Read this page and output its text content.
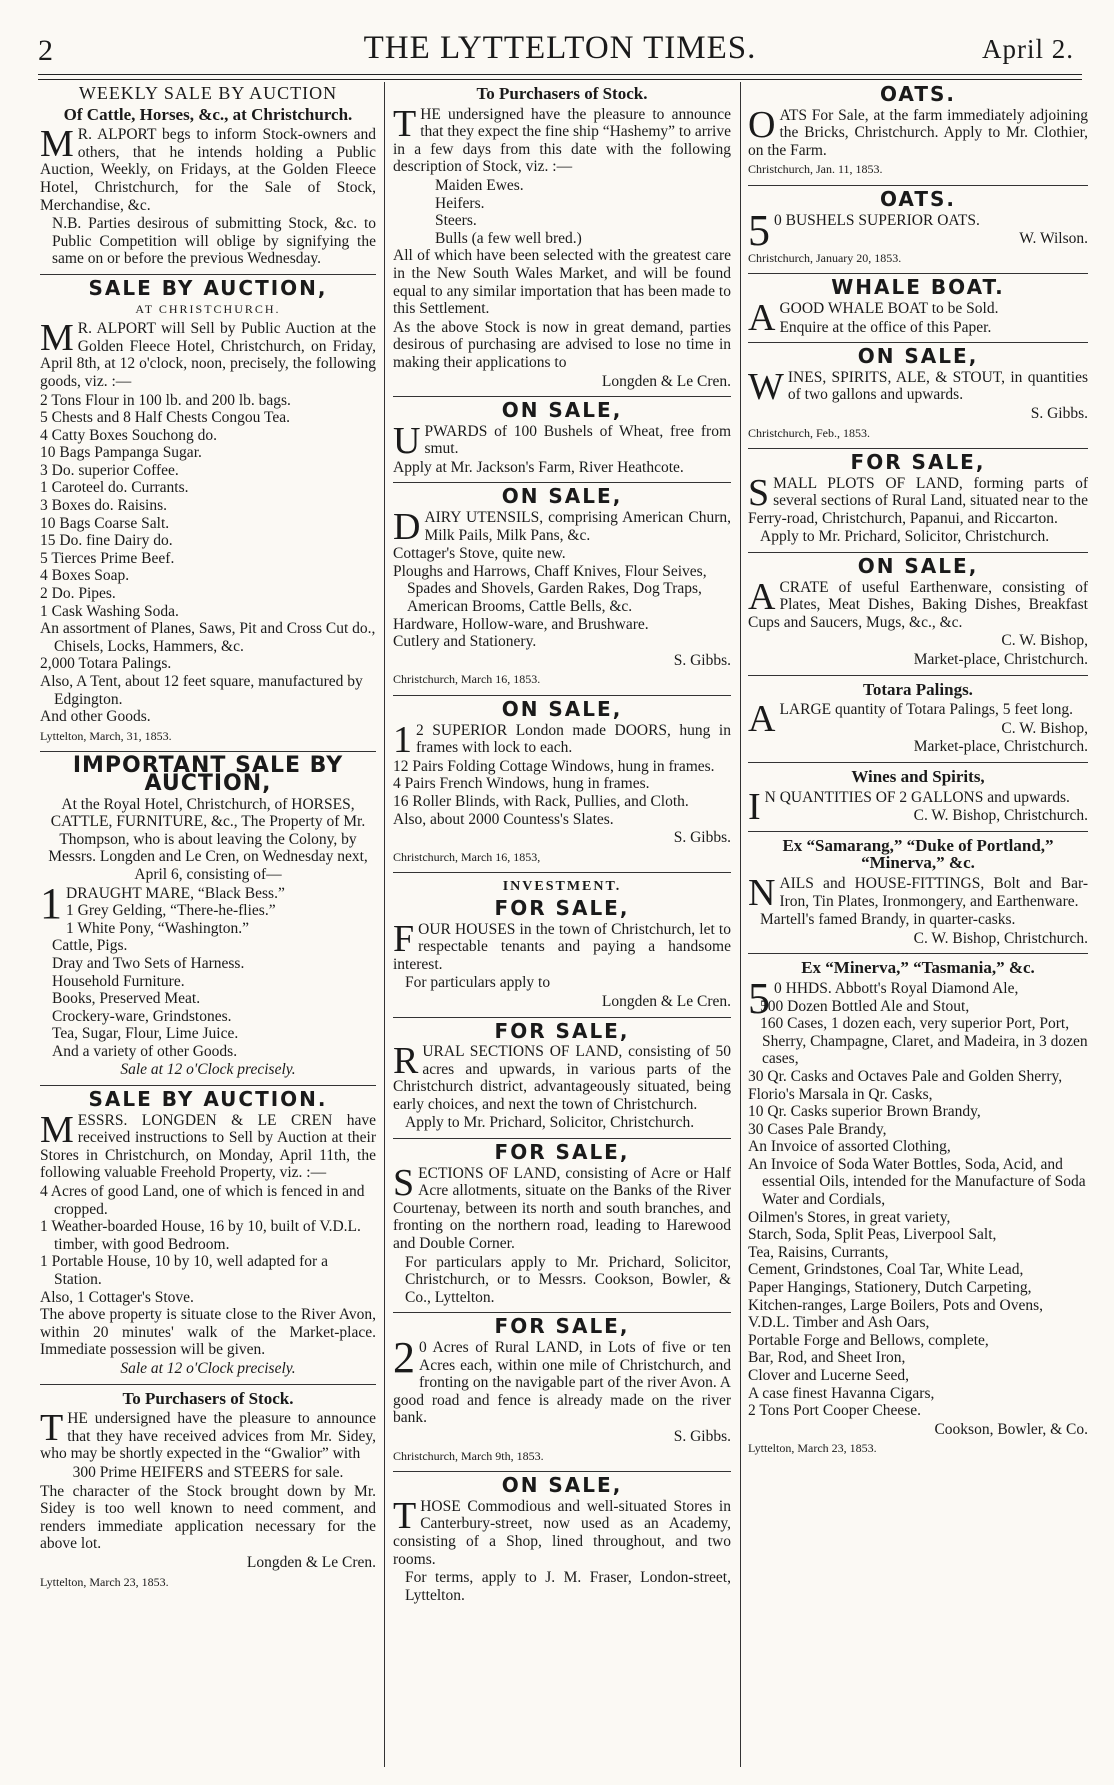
2	THE LYTTELTON TIMES.	April 2.
WEEKLY SALE BY AUCTION
Of Cattle, Horses, &c., at Christchurch.

MR. ALPORT begs to inform Stock-owners and others, that he intends holding a Public Auction, Weekly, on Fridays, at the Golden Fleece Hotel, Christchurch, for the Sale of Stock, Merchandise, &c.

N.B. Parties desirous of submitting Stock, &c. to Public Competition will oblige by signifying the same on or before the previous Wednesday.

SALE BY AUCTION,
AT CHRISTCHURCH.

MR. ALPORT will Sell by Public Auction at the Golden Fleece Hotel, Christchurch, on Friday, April 8th, at 12 o'clock, noon, precisely, the following goods, viz. :—

2 Tons Flour in 100 lb. and 200 lb. bags.
5 Chests and 8 Half Chests Congou Tea.
4 Catty Boxes Souchong do.
10 Bags Pampanga Sugar.
3 Do. superior Coffee.
1 Caroteel do. Currants.
3 Boxes do. Raisins.
10 Bags Coarse Salt.
15 Do. fine Dairy do.
5 Tierces Prime Beef.
4 Boxes Soap.
2 Do. Pipes.
1 Cask Washing Soda.
An assortment of Planes, Saws, Pit and Cross Cut do., Chisels, Locks, Hammers, &c.
2,000 Totara Palings.
Also, A Tent, about 12 feet square, manufactured by Edgington.
And other Goods.
Lyttelton, March, 31, 1853.
IMPORTANT SALE BY AUCTION,

At the Royal Hotel, Christchurch, of HORSES, CATTLE, FURNITURE, &c., The Property of Mr. Thompson, who is about leaving the Colony, by Messrs. Longden and Le Cren, on Wednesday next, April 6, consisting of—

1DRAUGHT MARE, “Black Bess.”
1 Grey Gelding, “There-he-flies.”
1 White Pony, “Washington.”
Cattle, Pigs.
Dray and Two Sets of Harness.
Household Furniture.
Books, Preserved Meat.
Crockery-ware, Grindstones.
Tea, Sugar, Flour, Lime Juice.
And a variety of other Goods.
Sale at 12 o'Clock precisely.
SALE BY AUCTION.

MESSRS. LONGDEN & LE CREN have received instructions to Sell by Auction at their Stores in Christchurch, on Monday, April 11th, the following valuable Freehold Property, viz. :—

4 Acres of good Land, one of which is fenced in and cropped.
1 Weather-boarded House, 16 by 10, built of V.D.L. timber, with good Bedroom.
1 Portable House, 10 by 10, well adapted for a Station.
Also, 1 Cottager's Stove.

The above property is situate close to the River Avon, within 20 minutes' walk of the Market-place. Immediate possession will be given.

Sale at 12 o'Clock precisely.
To Purchasers of Stock.

THE undersigned have the pleasure to announce that they have received advices from Mr. Sidey, who may be shortly expected in the “Gwalior” with

300 Prime HEIFERS and STEERS for sale.

The character of the Stock brought down by Mr. Sidey is too well known to need comment, and renders immediate application necessary for the above lot.

Longden & Le Cren.
Lyttelton, March 23, 1853.
To Purchasers of Stock.

THE undersigned have the pleasure to announce that they expect the fine ship “Hashemy” to arrive in a few days from this date with the following description of Stock, viz. :—

Maiden Ewes.
Heifers.
Steers.
Bulls (a few well bred.)

All of which have been selected with the greatest care in the New South Wales Market, and will be found equal to any similar importation that has been made to this Settlement.

As the above Stock is now in great demand, parties desirous of purchasing are advised to lose no time in making their applications to

Longden & Le Cren.
ON SALE,

UPWARDS of 100 Bushels of Wheat, free from smut.

Apply at Mr. Jackson's Farm, River Heathcote.

ON SALE,

DAIRY UTENSILS, comprising American Churn, Milk Pails, Milk Pans, &c.

Cottager's Stove, quite new.
Ploughs and Harrows, Chaff Knives, Flour Seives, Spades and Shovels, Garden Rakes, Dog Traps, American Brooms, Cattle Bells, &c.
Hardware, Hollow-ware, and Brushware.
Cutlery and Stationery.
S. Gibbs.
Christchurch, March 16, 1853.
ON SALE,

12 SUPERIOR London made DOORS, hung in frames with lock to each.

12 Pairs Folding Cottage Windows, hung in frames.
4 Pairs French Windows, hung in frames.
16 Roller Blinds, with Rack, Pullies, and Cloth.
Also, about 2000 Countess's Slates.
S. Gibbs.
Christchurch, March 16, 1853,
INVESTMENT.
FOR SALE,

FOUR HOUSES in the town of Christchurch, let to respectable tenants and paying a handsome interest.

For particulars apply to

Longden & Le Cren.
FOR SALE,

RURAL SECTIONS OF LAND, consisting of 50 acres and upwards, in various parts of the Christchurch district, advantageously situated, being early choices, and next the town of Christchurch.

Apply to Mr. Prichard, Solicitor, Christchurch.

FOR SALE,

SECTIONS OF LAND, consisting of Acre or Half Acre allotments, situate on the Banks of the River Courtenay, between its north and south branches, and fronting on the northern road, leading to Harewood and Double Corner.

For particulars apply to Mr. Prichard, Solicitor, Christchurch, or to Messrs. Cookson, Bowler, & Co., Lyttelton.

FOR SALE,

20 Acres of Rural LAND, in Lots of five or ten Acres each, within one mile of Christchurch, and fronting on the navigable part of the river Avon. A good road and fence is already made on the river bank.

S. Gibbs.
Christchurch, March 9th, 1853.
ON SALE,

THOSE Commodious and well-situated Stores in Canterbury-street, now used as an Academy, consisting of a Shop, lined throughout, and two rooms.

For terms, apply to J. M. Fraser, London-street, Lyttelton.

OATS.

OATS For Sale, at the farm immediately adjoining the Bricks, Christchurch. Apply to Mr. Clothier, on the Farm.

Christchurch, Jan. 11, 1853.
OATS.

50 BUSHELS SUPERIOR OATS.

W. Wilson.
Christchurch, January 20, 1853.
WHALE BOAT.

AGOOD WHALE BOAT to be Sold.

Enquire at the office of this Paper.

ON SALE,

WINES, SPIRITS, ALE, & STOUT, in quantities of two gallons and upwards.

S. Gibbs.
Christchurch, Feb., 1853.
FOR SALE,

SMALL PLOTS OF LAND, forming parts of several sections of Rural Land, situated near to the Ferry-road, Christchurch, Papanui, and Riccarton.

Apply to Mr. Prichard, Solicitor, Christchurch.

ON SALE,

ACRATE of useful Earthenware, consisting of Plates, Meat Dishes, Baking Dishes, Breakfast Cups and Saucers, Mugs, &c., &c.

C. W. Bishop,
Market-place, Christchurch.
Totara Palings.

ALARGE quantity of Totara Palings, 5 feet long.

C. W. Bishop,
Market-place, Christchurch.
Wines and Spirits,

IN QUANTITIES OF 2 GALLONS and upwards.

C. W. Bishop, Christchurch.
Ex “Samarang,” “Duke of Portland,” “Minerva,” &c.

NAILS and HOUSE-FITTINGS, Bolt and Bar-Iron, Tin Plates, Ironmongery, and Earthenware.

Martell's famed Brandy, in quarter-casks.

C. W. Bishop, Christchurch.
Ex “Minerva,” “Tasmania,” &c.
50 HHDS. Abbott's Royal Diamond Ale,
500 Dozen Bottled Ale and Stout,
160 Cases, 1 dozen each, very superior Port, Port, Sherry, Champagne, Claret, and Madeira, in 3 dozen cases,
30 Qr. Casks and Octaves Pale and Golden Sherry,
Florio's Marsala in Qr. Casks,
10 Qr. Casks superior Brown Brandy,
30 Cases Pale Brandy,
An Invoice of assorted Clothing,
An Invoice of Soda Water Bottles, Soda, Acid, and essential Oils, intended for the Manufacture of Soda Water and Cordials,
Oilmen's Stores, in great variety,
Starch, Soda, Split Peas, Liverpool Salt,
Tea, Raisins, Currants,
Cement, Grindstones, Coal Tar, White Lead,
Paper Hangings, Stationery, Dutch Carpeting,
Kitchen-ranges, Large Boilers, Pots and Ovens,
V.D.L. Timber and Ash Oars,
Portable Forge and Bellows, complete,
Bar, Rod, and Sheet Iron,
Clover and Lucerne Seed,
A case finest Havanna Cigars,
2 Tons Port Cooper Cheese.
Cookson, Bowler, & Co.
Lyttelton, March 23, 1853.
